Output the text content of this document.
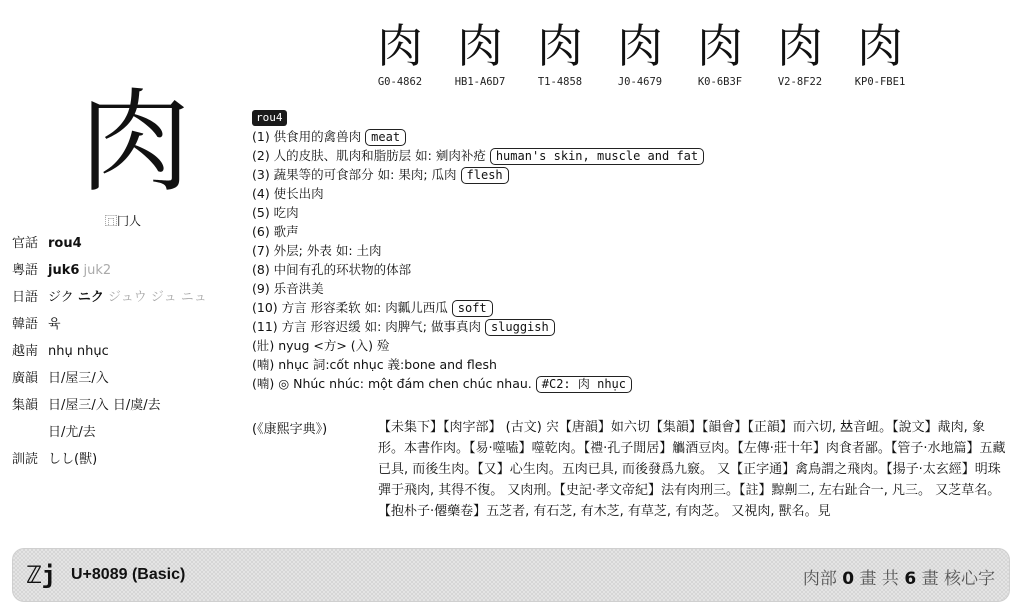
肉
G0-4862
肉
HB1-A6D7
肉
T1-4858
肉
J0-4679
肉
K0-6B3F
肉
V2-8F22
肉
KP0-FBE1
肉
⿵冂人
官話 rou4
粵語 juk6 juk2
日語 ジク ニク ジュウ ジュ ニュ
韓語 육
越南 nhụ nhục
廣韻 日/屋三/入
集韻 日/屋三/入 日/虞/去
日/尤/去
訓読 しし(獸)
rou4
(1) 供食用的禽兽肉 meat
(2) 人的皮肤、肌肉和脂肪层 如: 剜肉补疮 human's skin, muscle and fat
(3) 蔬果等的可食部分 如: 果肉; 瓜肉 flesh
(4) 使长出肉
(5) 吃肉
(6) 歌声
(7) 外层; 外表 如: 土肉
(8) 中间有孔的环状物的体部
(9) 乐音洪美
(10) 方言 形容柔软 如: 肉瓤儿西瓜 soft
(11) 方言 形容迟缓 如: 肉脾气; 做事真肉 sluggish
(壯) nyug <方> (入) 殓
(喃) nhục 詞:cốt nhục 義:bone and flesh
(喃) ◎ Nhúc nhúc: một đám chen chúc nhau. #C2: 肉 nhục
(《康熙字典》)	【未集下】【肉字部】 (古文) 宍【唐韻】如六切【集韻】【韻會】【正韻】而六切, 𠀤音衄。【說文】胾肉, 象形。本書作肉。【易·噬嗑】噬乾肉。【禮·孔子閒居】觿酒豆肉。【左傳·莊十年】肉食者鄙。【管子·水地篇】五藏已具, 而後生肉。【又】心生肉。五肉已具, 而後發爲九竅。 又【正字通】禽鳥謂之飛肉。【揚子·太玄經】明珠彈于飛肉, 其得不復。 又肉刑。【史記·孝文帝紀】法有肉刑三。【註】黥劓二, 左右趾合一, 凡三。 又芝草名。【抱朴子·僊藥卷】五芝者, 有石芝, 有木芝, 有草芝, 有肉芝。 又視肉, 獸名。見
ℤj U+8089 (Basic)	肉部 0 畫 共 6 畫 核心字
